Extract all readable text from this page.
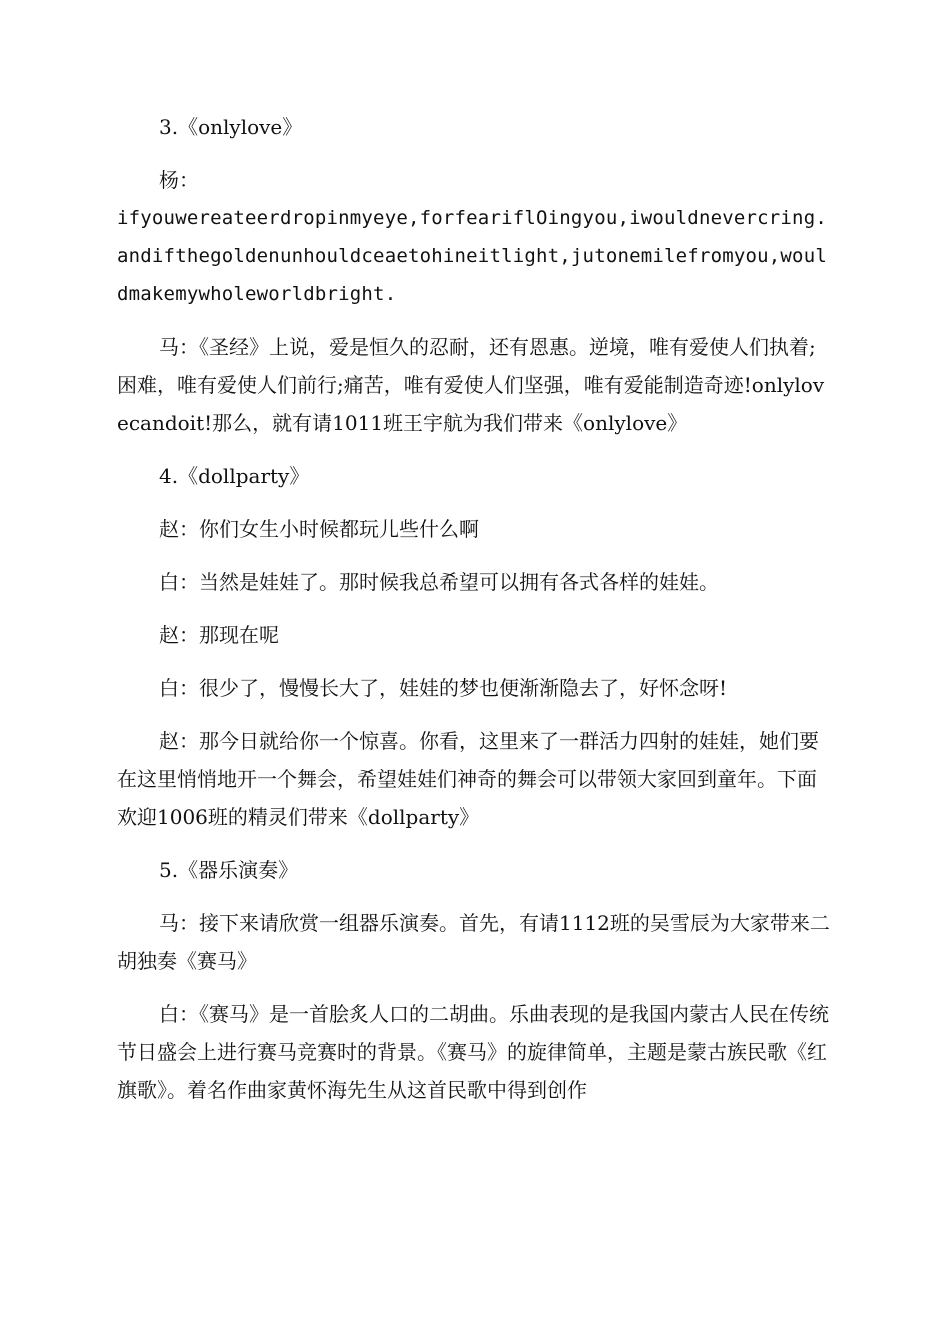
3.《onlylove》

杨：

ifyouwereateerdropinmyeye,forfeariflOingyou,iwouldnevercring.andifthegoldenunhouldceaetohineitlight,jutonemilefromyou,wouldmakemywholeworldbright.

马：《圣经》上说，爱是恒久的忍耐，还有恩惠。逆境，唯有爱使人们执着;困难，唯有爱使人们前行;痛苦，唯有爱使人们坚强，唯有爱能制造奇迹!onlylovecandoit!那么，就有请1011班王宇航为我们带来《onlylove》

4.《dollparty》

赵：你们女生小时候都玩儿些什么啊

白：当然是娃娃了。那时候我总希望可以拥有各式各样的娃娃。

赵：那现在呢

白：很少了，慢慢长大了，娃娃的梦也便渐渐隐去了，好怀念呀!

赵：那今日就给你一个惊喜。你看，这里来了一群活力四射的娃娃，她们要在这里悄悄地开一个舞会，希望娃娃们神奇的舞会可以带领大家回到童年。下面欢迎1006班的精灵们带来《dollparty》

5.《器乐演奏》

马：接下来请欣赏一组器乐演奏。首先，有请1112班的吴雪辰为大家带来二胡独奏《赛马》

白：《赛马》是一首脍炙人口的二胡曲。乐曲表现的是我国内蒙古人民在传统节日盛会上进行赛马竞赛时的背景。《赛马》的旋律简单，主题是蒙古族民歌《红旗歌》。着名作曲家黄怀海先生从这首民歌中得到创作
